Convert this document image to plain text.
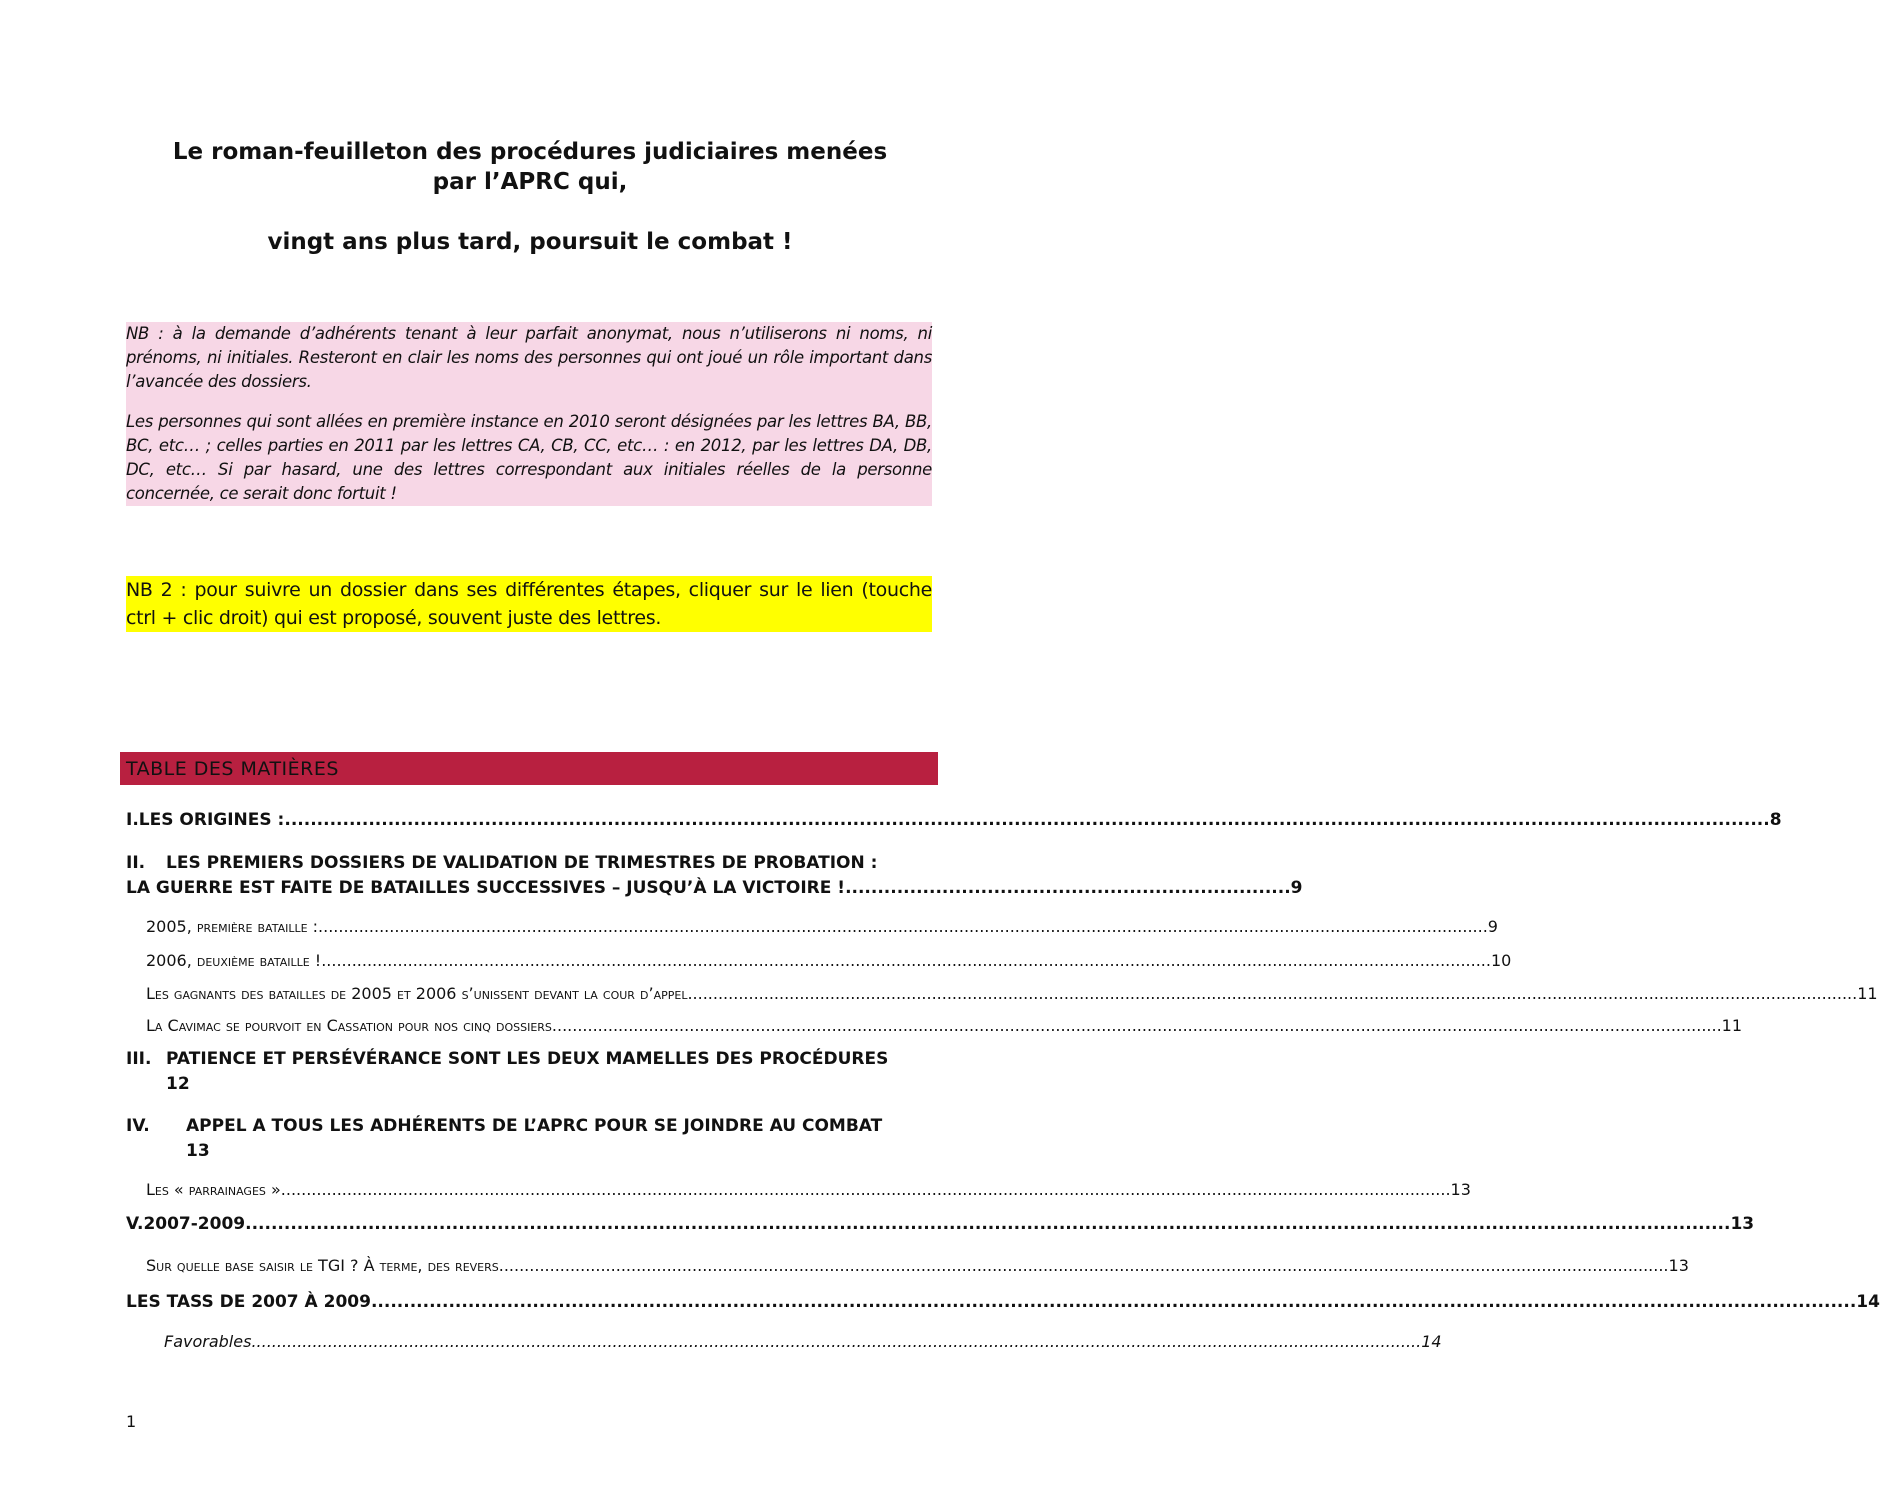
Le roman-feuilleton des procédures judiciaires menées
par l’APRC qui,
vingt ans plus tard, poursuit le combat !

NB : à la demande d’adhérents tenant à leur parfait anonymat, nous n’utiliserons ni noms, ni prénoms, ni initiales. Resteront en clair les noms des personnes qui ont joué un rôle important dans l’avancée des dossiers.

Les personnes qui sont allées en première instance en 2010 seront désignées par les lettres BA, BB, BC, etc… ; celles parties en 2011 par les lettres CA, CB, CC, etc… : en 2012, par les lettres DA, DB, DC, etc… Si par hasard, une des lettres correspondant aux initiales réelles de la personne concernée, ce serait donc fortuit !

NB 2 : pour suivre un dossier dans ses différentes étapes, cliquer sur le lien (touche ctrl + clic droit) qui est proposé, souvent juste des lettres.
TABLE DES MATIÈRES
I. LES ORIGINES : .....	8
II. LES PREMIERS DOSSIERS DE VALIDATION DE TRIMESTRES DE PROBATION :
LA GUERRE EST FAITE DE BATAILLES SUCCESSIVES – JUSQU’À LA VICTOIRE !..................................................................... 9
2005, première bataille : .....	9
2006, deuxième bataille ! .....	10
Les gagnants des batailles de 2005 et 2006 s’unissent devant la cour d’appel .....	11
La Cavimac se pourvoit en Cassation pour nos cinq dossiers .....	11
III. PATIENCE ET PERSÉVÉRANCE SONT LES DEUX MAMELLES DES PROCÉDURES
12
IV. APPEL A TOUS LES ADHÉRENTS DE L’APRC POUR SE JOINDRE AU COMBAT
13
Les « parrainages » .....	13
V. 2007-2009 .....	13
Sur quelle base saisir le TGI ? À terme, des revers .....	13
LES TASS DE 2007 À 2009 .....	14
Favorables .....	14
1
